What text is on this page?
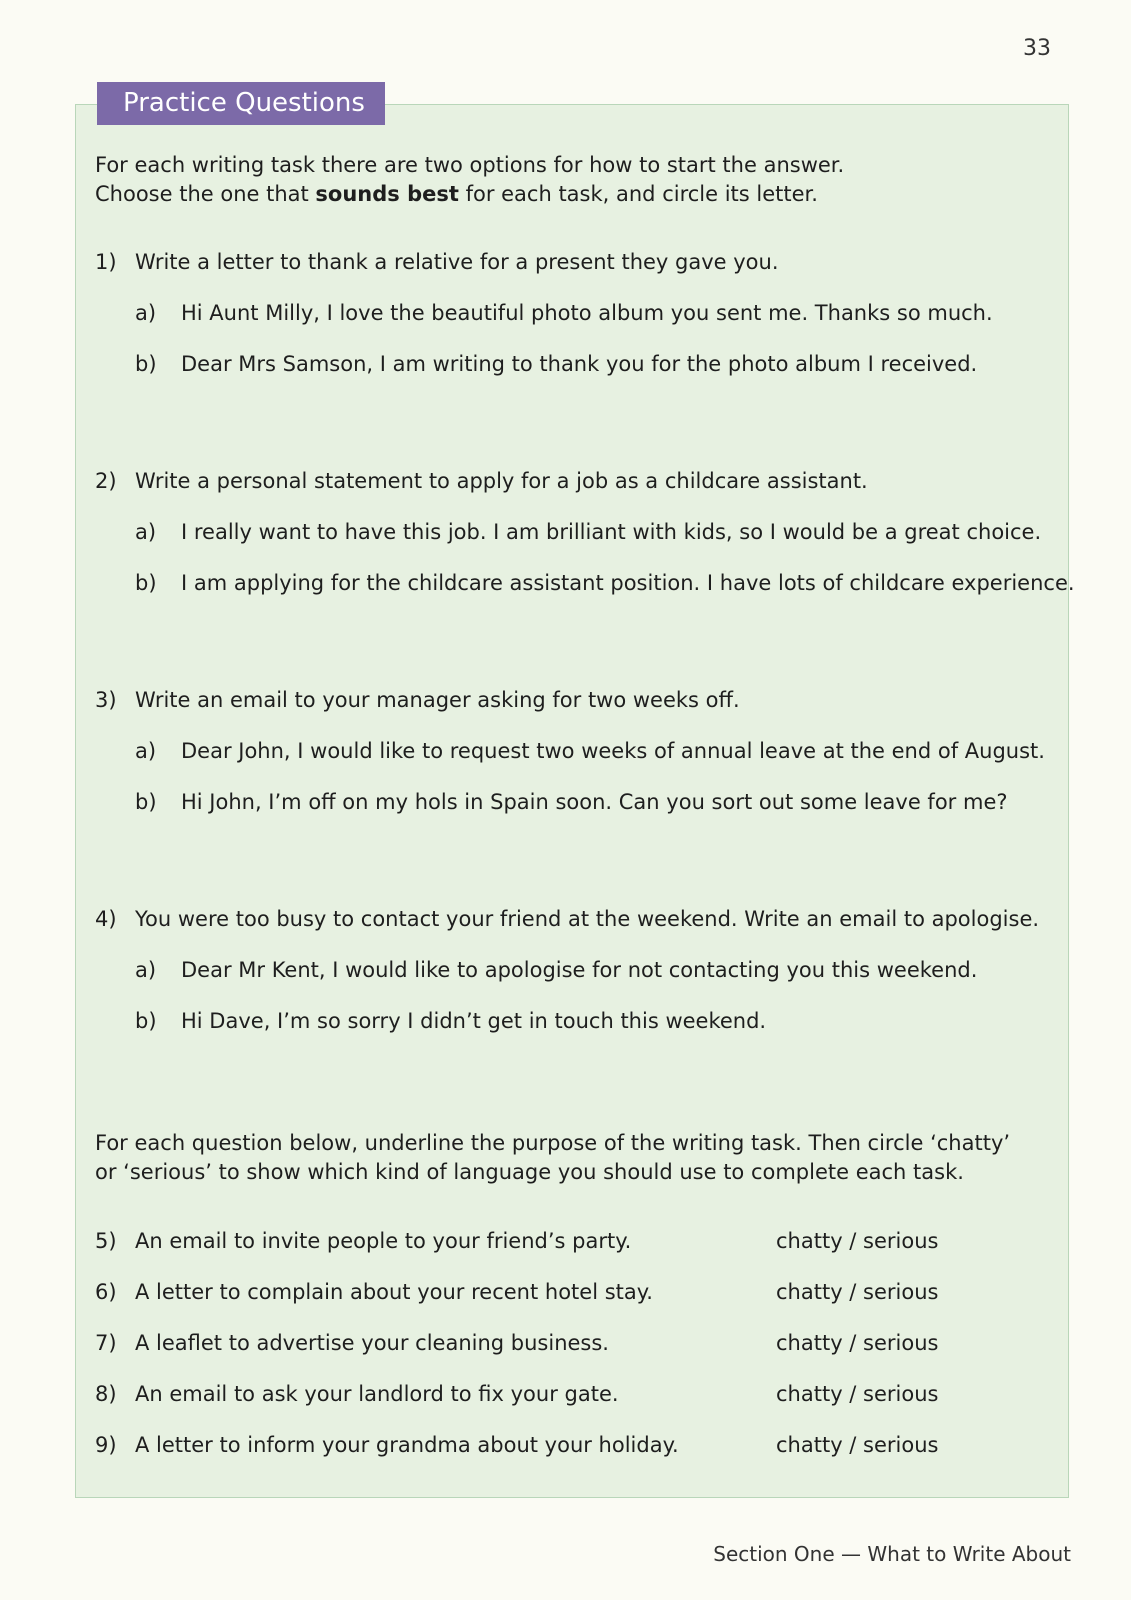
33
Practice Questions
For each writing task there are two options for how to start the answer.
Choose the one that sounds best for each task, and circle its letter.
1) Write a letter to thank a relative for a present they gave you.
a) Hi Aunt Milly, I love the beautiful photo album you sent me. Thanks so much.
b) Dear Mrs Samson, I am writing to thank you for the photo album I received.
2) Write a personal statement to apply for a job as a childcare assistant.
a) I really want to have this job. I am brilliant with kids, so I would be a great choice.
b) I am applying for the childcare assistant position. I have lots of childcare experience.
3) Write an email to your manager asking for two weeks off.
a) Dear John, I would like to request two weeks of annual leave at the end of August.
b) Hi John, I’m off on my hols in Spain soon. Can you sort out some leave for me?
4) You were too busy to contact your friend at the weekend. Write an email to apologise.
a) Dear Mr Kent, I would like to apologise for not contacting you this weekend.
b) Hi Dave, I’m so sorry I didn’t get in touch this weekend.
For each question below, underline the purpose of the writing task. Then circle ‘chatty’
or ‘serious’ to show which kind of language you should use to complete each task.
5) An email to invite people to your friend’s party.	chatty / serious
6) A letter to complain about your recent hotel stay.	chatty / serious
7) A leaflet to advertise your cleaning business.	chatty / serious
8) An email to ask your landlord to fix your gate.	chatty / serious
9) A letter to inform your grandma about your holiday.	chatty / serious
Section One — What to Write About
